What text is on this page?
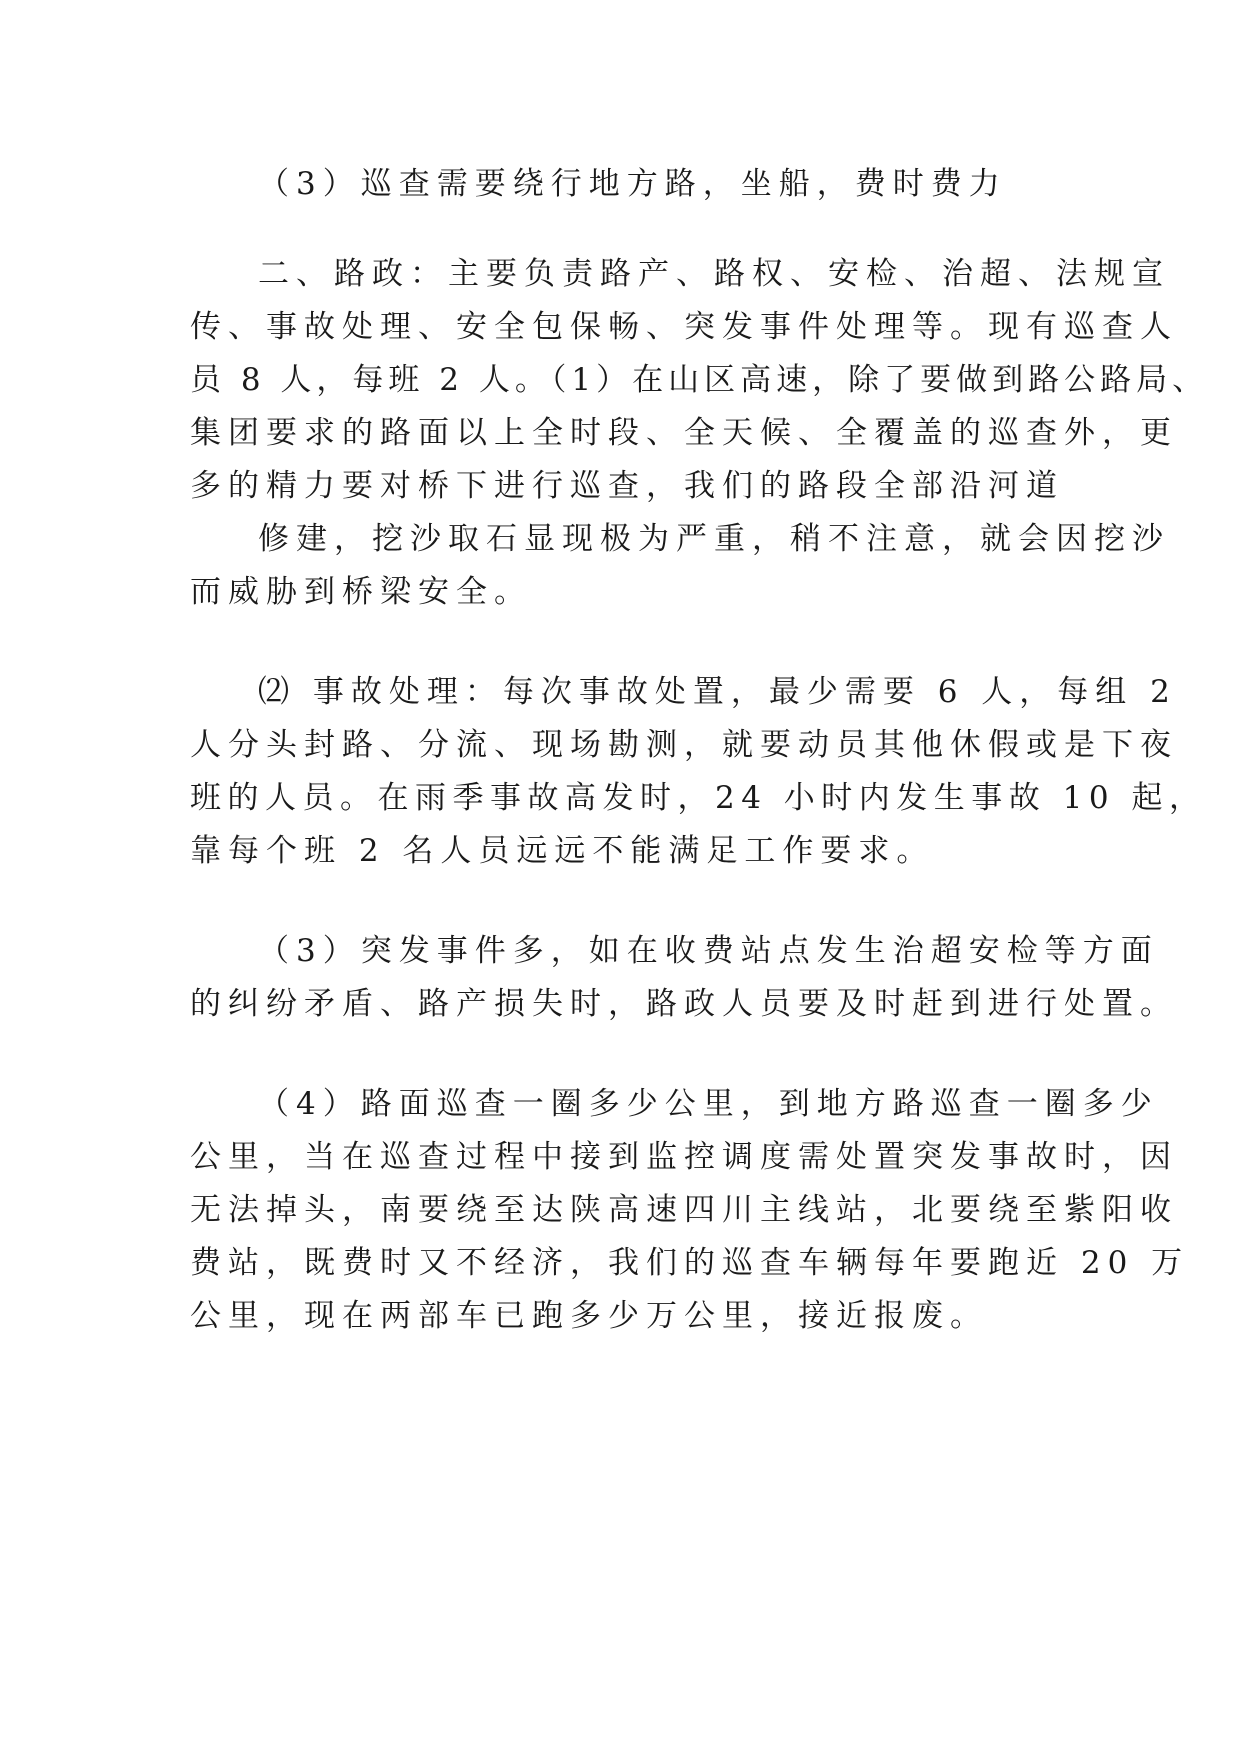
（3）巡查需要绕行地方路，坐船，费时费力
二、路政：主要负责路产、路权、安检、治超、法规宣
传、事故处理、安全包保畅、突发事件处理等。现有巡查人
员 8 人，每班 2 人。（1）在山区高速，除了要做到路公路局、
集团要求的路面以上全时段、全天候、全覆盖的巡查外，更
多的精力要对桥下进行巡查，我们的路段全部沿河道
修建，挖沙取石显现极为严重，稍不注意，就会因挖沙
而威胁到桥梁安全。
⑵ 事故处理：每次事故处置，最少需要 6 人，每组 2
人分头封路、分流、现场勘测，就要动员其他休假或是下夜
班的人员。在雨季事故高发时，24 小时内发生事故 10 起，
靠每个班 2 名人员远远不能满足工作要求。
（3）突发事件多，如在收费站点发生治超安检等方面
的纠纷矛盾、路产损失时，路政人员要及时赶到进行处置。
（4）路面巡查一圈多少公里，到地方路巡查一圈多少
公里，当在巡查过程中接到监控调度需处置突发事故时，因
无法掉头，南要绕至达陕高速四川主线站，北要绕至紫阳收
费站，既费时又不经济，我们的巡查车辆每年要跑近 20 万
公里，现在两部车已跑多少万公里，接近报废。
